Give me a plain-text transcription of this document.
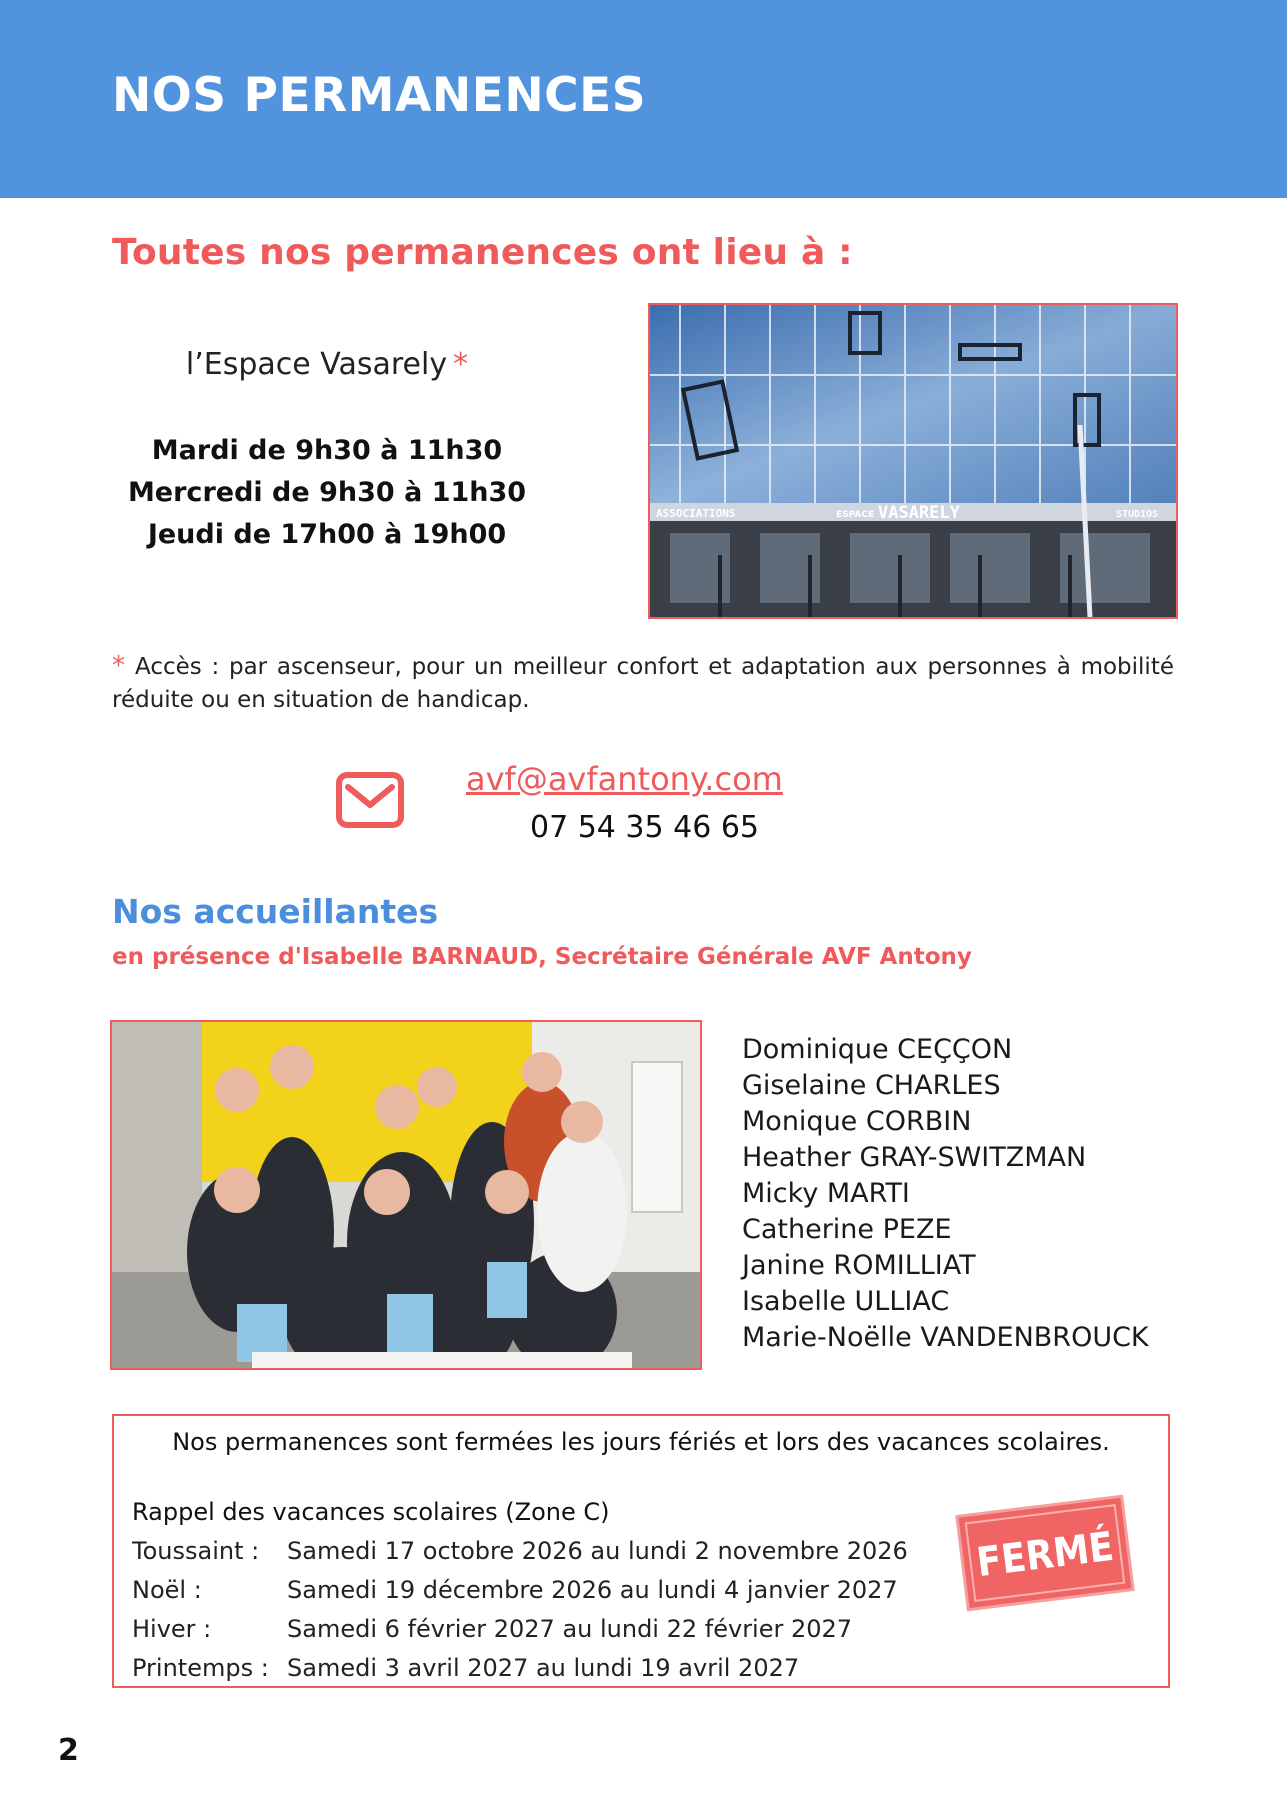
NOS PERMANENCES
Toutes nos permanences ont lieu à :
l’Espace Vasarely *
Mardi de 9h30 à 11h30
Mercredi de 9h30 à 11h30
Jeudi de 17h00 à 19h00
ASSOCIATIONS	ESPACE VASARELY	STUDIOS

* Accès : par ascenseur, pour un meilleur confort et adaptation aux personnes à mobilité réduite ou en situation de handicap.

avf@avfantony.com
07 54 35 46 65
Nos accueillantes
en présence d'Isabelle BARNAUD, Secrétaire Générale AVF Antony
Dominique CEÇÇON
Giselaine CHARLES
Monique CORBIN
Heather GRAY-SWITZMAN
Micky MARTI
Catherine PEZE
Janine ROMILLIAT
Isabelle ULLIAC
Marie-Noëlle VANDENBROUCK
Nos permanences sont fermées les jours fériés et lors des vacances scolaires.
Rappel des vacances scolaires (Zone C)
Toussaint :	Samedi 17 octobre 2026 au lundi 2 novembre 2026
Noël :	Samedi 19 décembre 2026 au lundi 4 janvier 2027
Hiver :	Samedi 6 février 2027 au lundi 22 février 2027
Printemps : Samedi 3 avril 2027 au lundi 19 avril 2027
FERMÉ
2
